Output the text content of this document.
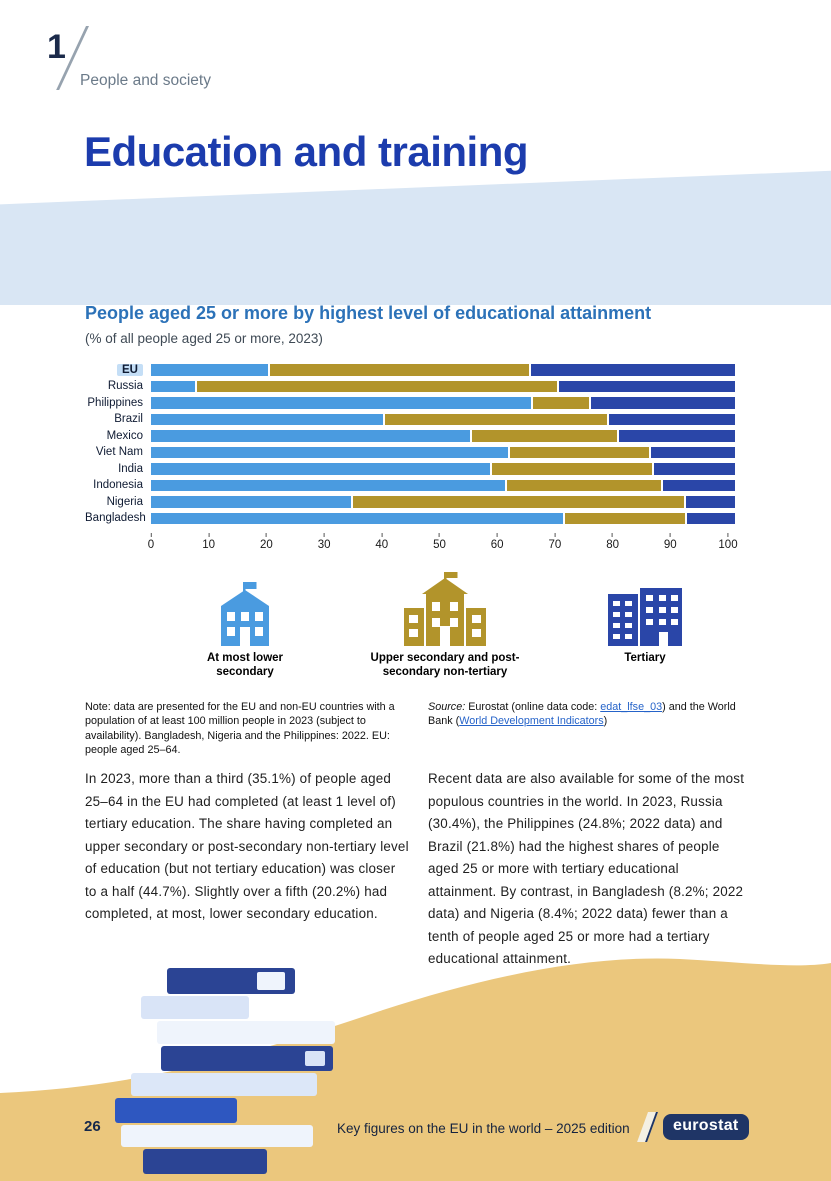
1
People and society
Education and training
People aged 25 or more by highest level of educational attainment
(% of all people aged 25 or more, 2023)
EU
Russia
Philippines
Brazil
Mexico
Viet Nam
India
Indonesia
Nigeria
Bangladesh
0	10	20	30	40	50	60	70	80	90	100
At most lower secondary
Upper secondary and post-secondary non-tertiary
Tertiary

Note: data are presented for the EU and non-EU countries with a population of at least 100 million people in 2023 (subject to availability). Bangladesh, Nigeria and the Philippines: 2022. EU: people aged 25–64.

Source: Eurostat (online data code: edat_lfse_03) and the World Bank (World Development Indicators)

In 2023, more than a third (35.1%) of people aged 25–64 in the EU had completed (at least 1 level of) tertiary education. The share having completed an upper secondary or post-secondary non-tertiary level of education (but not tertiary education) was closer to a half (44.7%). Slightly over a fifth (20.2%) had completed, at most, lower secondary education.

Recent data are also available for some of the most populous countries in the world. In 2023, Russia (30.4%), the Philippines (24.8%; 2022 data) and Brazil (21.8%) had the highest shares of people aged 25 or more with tertiary educational attainment. By contrast, in Bangladesh (8.2%; 2022 data) and Nigeria (8.4%; 2022 data) fewer than a tenth of people aged 25 or more had a tertiary educational attainment.

26	Key figures on the EU in the world – 2025 edition	eurostat
